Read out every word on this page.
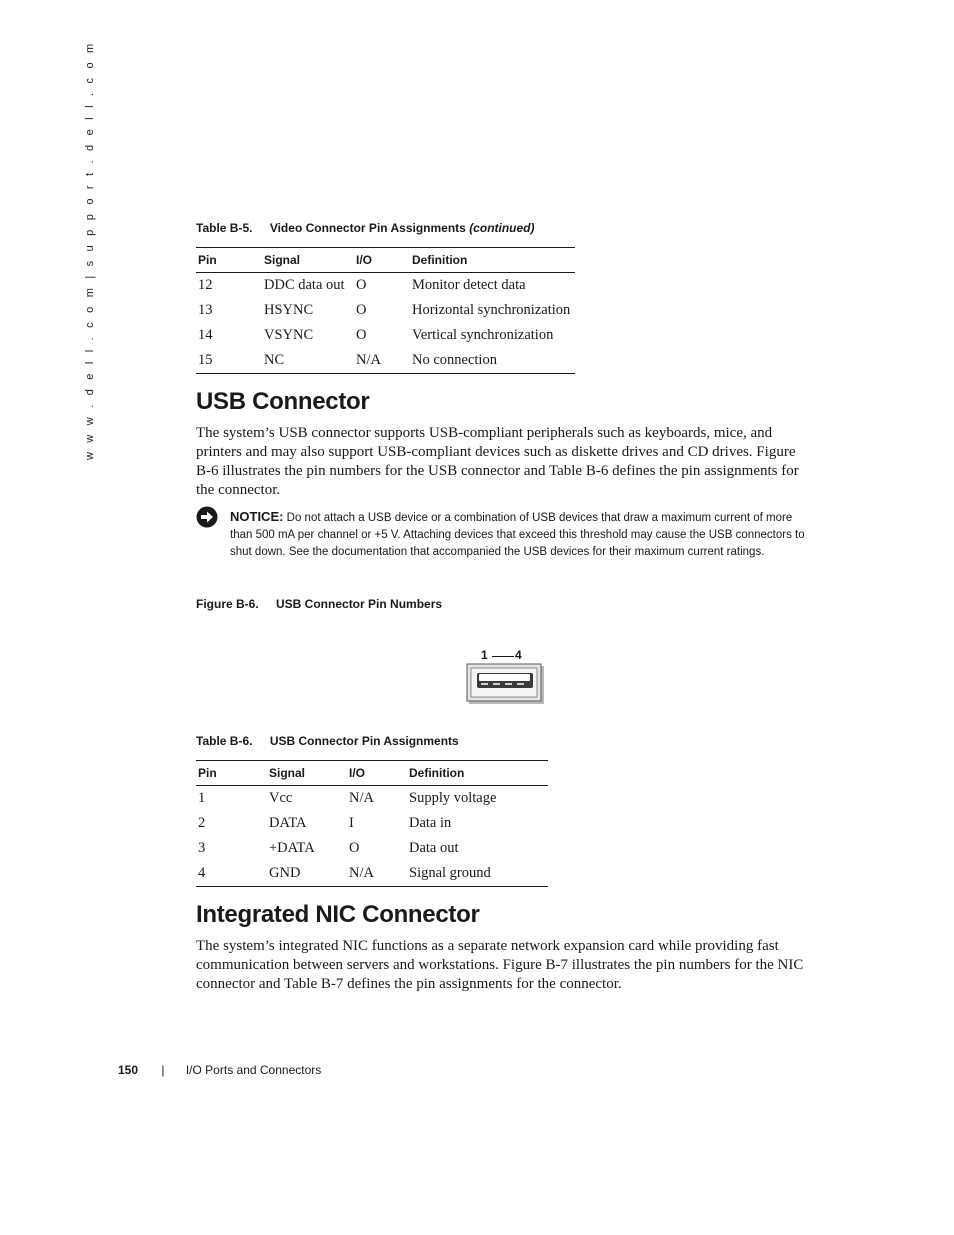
w w w . d e l l . c o m | s u p p o r t . d e l l . c o m	Table B-5. Video Connector Pin Assignments (continued)
Pin	Signal	I/O	Definition
12	DDC data out	O	Monitor detect data
13	HSYNC	O	Horizontal synchronization
14	VSYNC	O	Vertical synchronization
15	NC	N/A	No connection
USB Connector

The system’s USB connector supports USB-compliant peripherals such as keyboards, mice, and printers and may also support USB-compliant devices such as diskette drives and CD drives. Figure B-6 illustrates the pin numbers for the USB connector and Table B-6 defines the pin assignments for the connector.

NOTICE: Do not attach a USB device or a combination of USB devices that draw a maximum current of more than 500 mA per channel or +5 V. Attaching devices that exceed this threshold may cause the USB connectors to shut down. See the documentation that accompanied the USB devices for their maximum current ratings.
Figure B-6. USB Connector Pin Numbers
1 4
Table B-6. USB Connector Pin Assignments
Pin	Signal	I/O	Definition
1	Vcc	N/A	Supply voltage
2	DATA	I	Data in
3	+DATA	O	Data out
4	GND	N/A	Signal ground
Integrated NIC Connector

The system’s integrated NIC functions as a separate network expansion card while providing fast communication between servers and workstations. Figure B-7 illustrates the pin numbers for the NIC connector and Table B-7 defines the pin assignments for the connector.

150 | I/O Ports and Connectors
